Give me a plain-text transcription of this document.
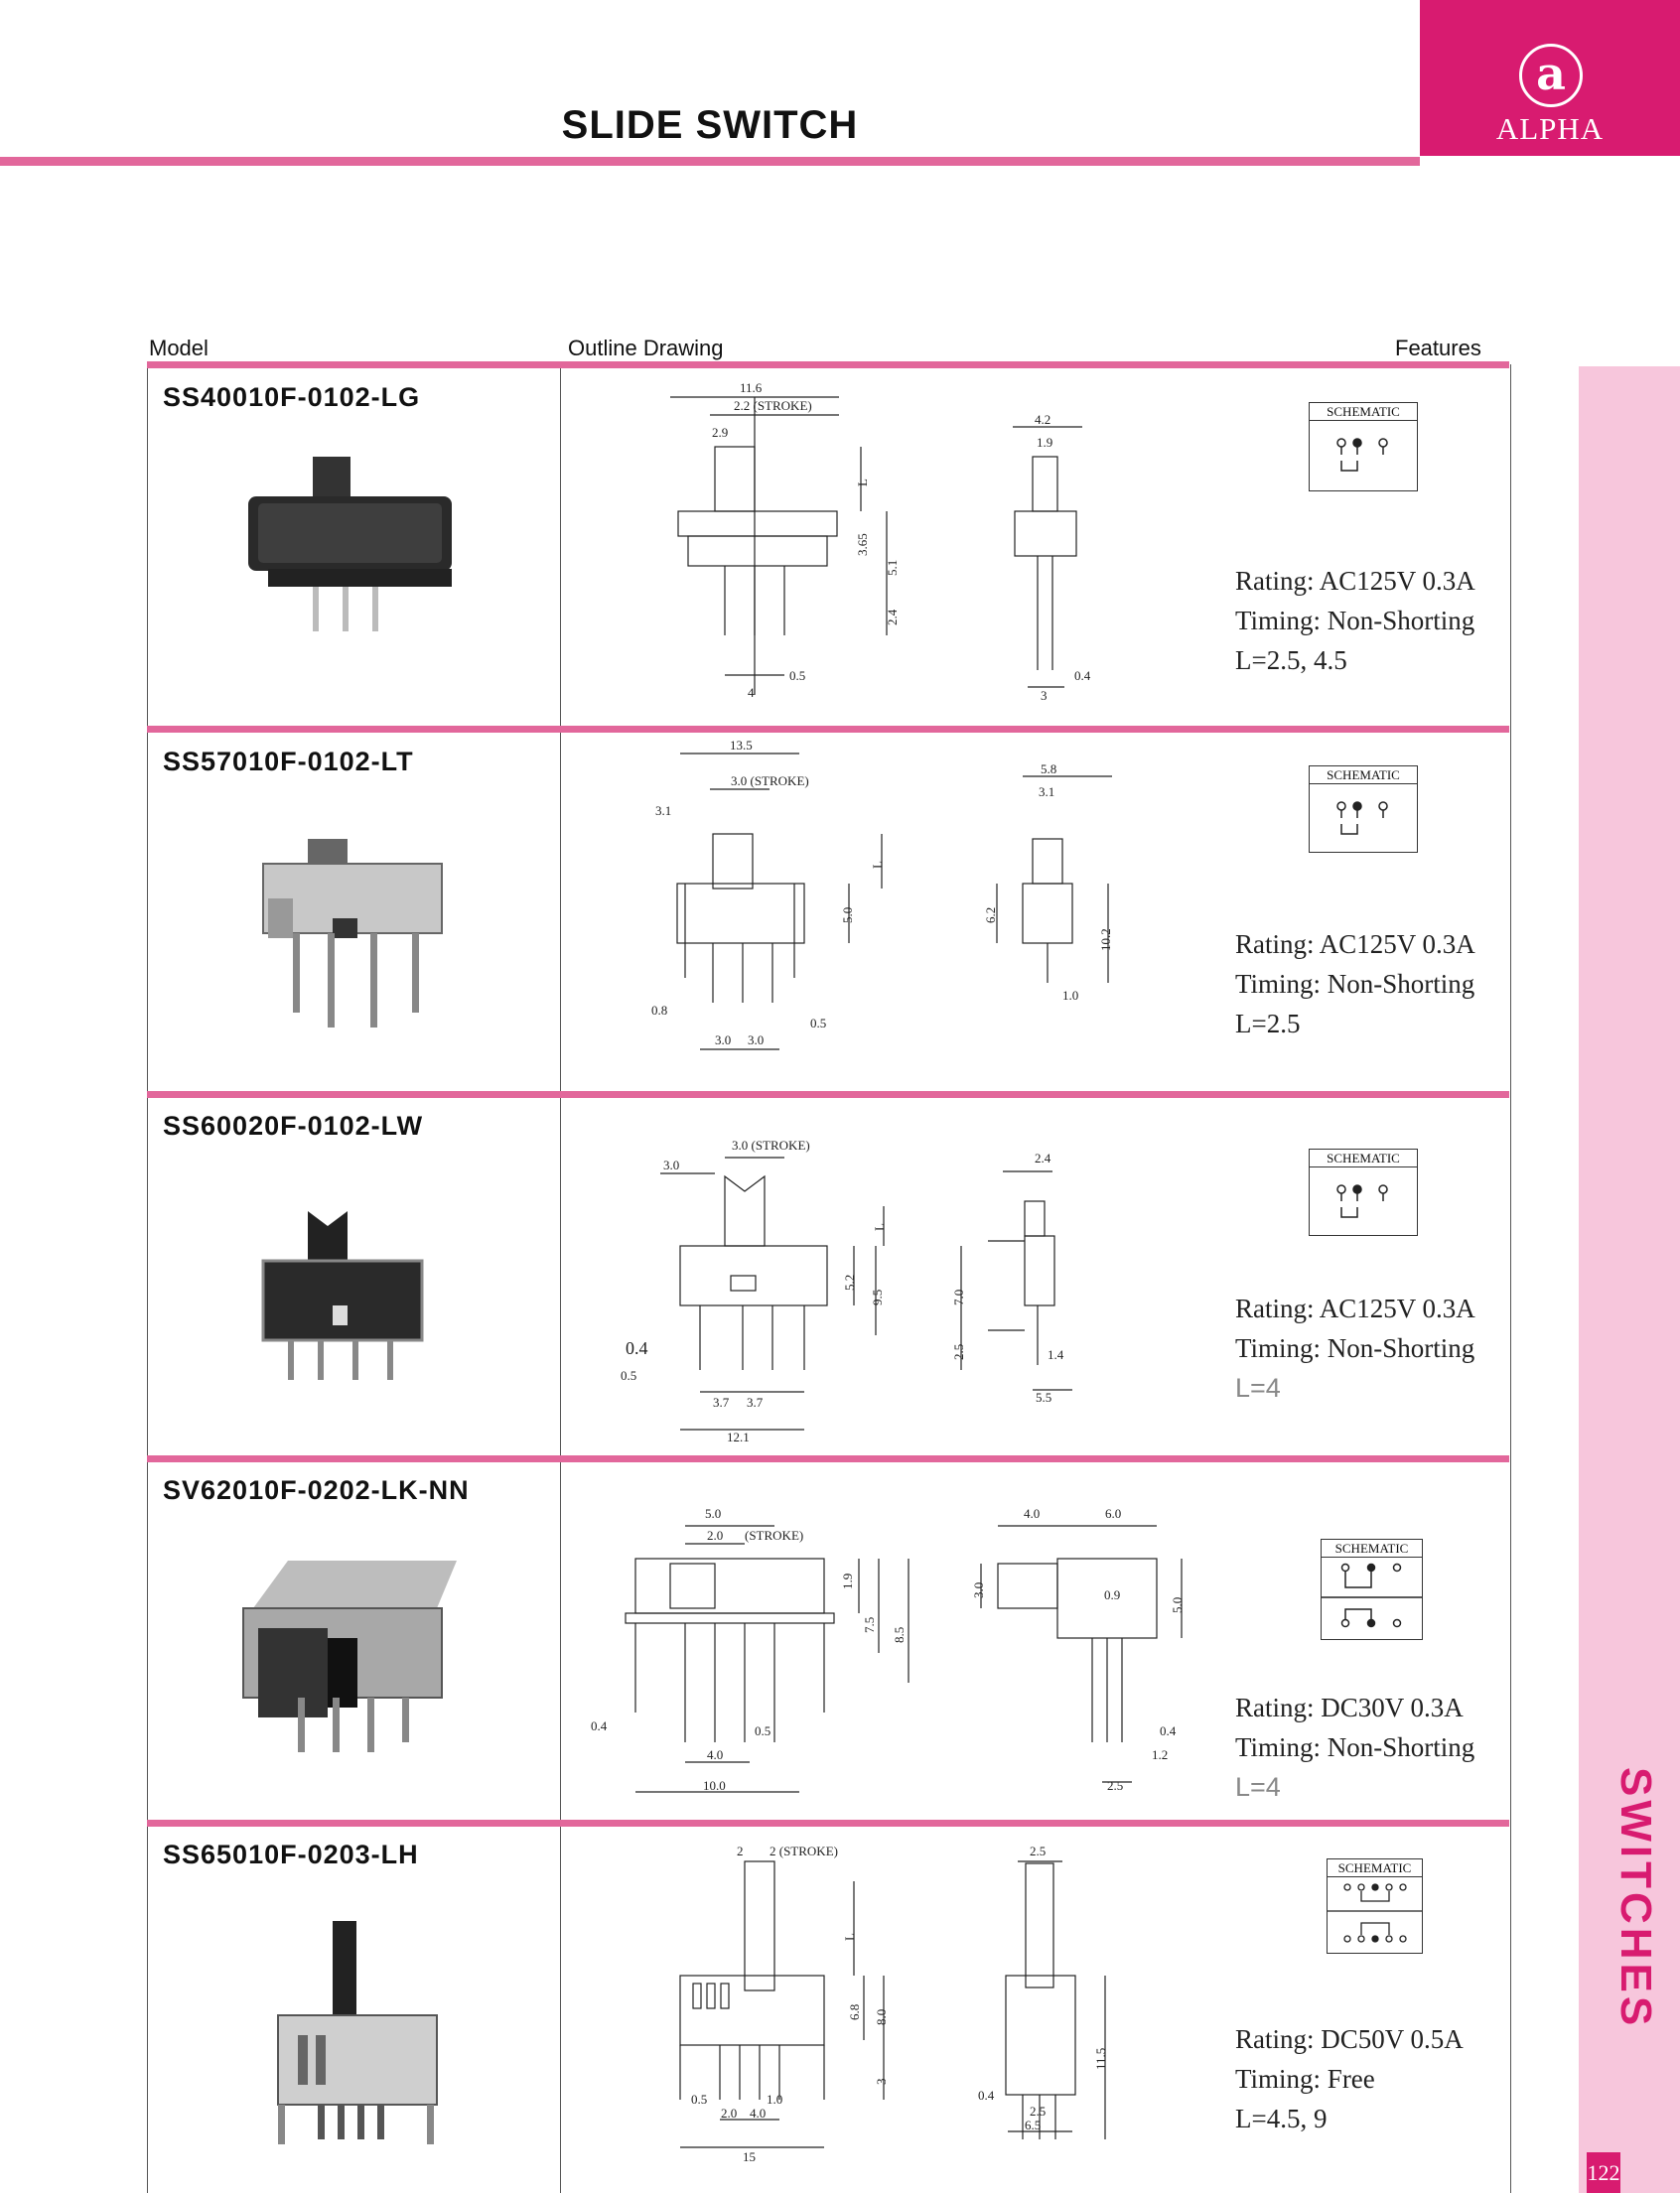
SLIDE SWITCH
a
ALPHA
SWITCHES
122
Model	Outline Drawing	Features
SS40010F-0102-LG	11.6
2.2 (STROKE)
2.9
L
3.65
5.1
2.4
4
0.5
4.2
1.9
3
0.4
SCHEMATIC
Rating: AC125V 0.3A
Timing: Non-Shorting
L=2.5, 4.5
SS57010F-0102-LT
13.5
3.0 (STROKE)
3.1
L
5.0
0.8
0.5
3.0 3.0
5.8
3.1
6.2
10.2
1.0
SCHEMATIC
Rating: AC125V 0.3A
Timing: Non-Shorting
L=2.5
SS60020F-0102-LW
3.0 (STROKE)
3.0
L
5.2
9.5
0.4
0.5
3.7 3.7
12.1
2.4
7.0
2.5	1.4
5.5
SCHEMATIC
Rating: AC125V 0.3A
Timing: Non-Shorting
L=4
SV62010F-0202-LK-NN
5.0
2.0 (STROKE)
1.9
7.5
8.5
0.4	0.5
4.0
10.0
4.0	6.0
3.0	0.9
5.0
0.4
1.2
2.5
SCHEMATIC
Rating: DC30V 0.3A
Timing: Non-Shorting
L=4
SS65010F-0203-LH	2 2 (STROKE)
L
6.8 8.0
3
0.5	1.0
2.0 4.0
15
2.5
11.5
0.4
2.5
6.5
SCHEMATIC
Rating: DC50V 0.5A
Timing: Free
L=4.5, 9
